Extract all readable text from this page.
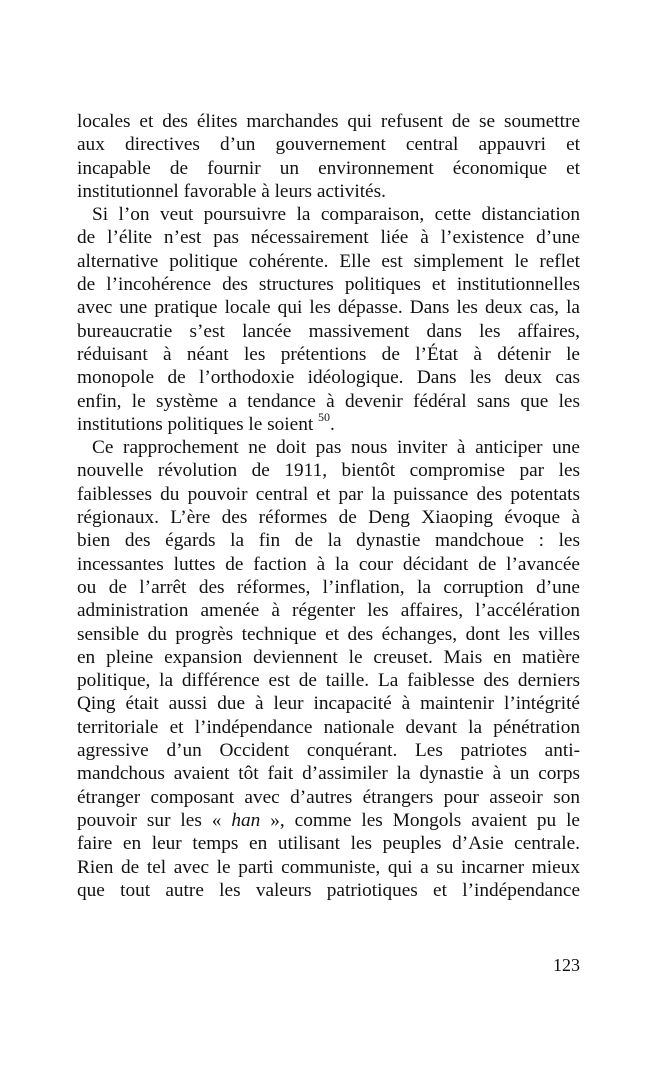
locales et des élites marchandes qui refusent de se soumettre
aux directives d’un gouvernement central appauvri et
incapable de fournir un environnement économique et
institutionnel favorable à leurs activités.
Si l’on veut poursuivre la comparaison, cette distanciation
de l’élite n’est pas nécessairement liée à l’existence d’une
alternative politique cohérente. Elle est simplement le reflet
de l’incohérence des structures politiques et institutionnelles
avec une pratique locale qui les dépasse. Dans les deux cas, la
bureaucratie s’est lancée massivement dans les affaires,
réduisant à néant les prétentions de l’État à détenir le
monopole de l’orthodoxie idéologique. Dans les deux cas
enfin, le système a tendance à devenir fédéral sans que les
institutions politiques le soient $^{50}$.
Ce rapprochement ne doit pas nous inviter à anticiper une
nouvelle révolution de 1911, bientôt compromise par les
faiblesses du pouvoir central et par la puissance des potentats
régionaux. L’ère des réformes de Deng Xiaoping évoque à
bien des égards la fin de la dynastie mandchoue : les
incessantes luttes de faction à la cour décidant de l’avancée
ou de l’arrêt des réformes, l’inflation, la corruption d’une
administration amenée à régenter les affaires, l’accélération
sensible du progrès technique et des échanges, dont les villes
en pleine expansion deviennent le creuset. Mais en matière
politique, la différence est de taille. La faiblesse des derniers
Qing était aussi due à leur incapacité à maintenir l’intégrité
territoriale et l’indépendance nationale devant la pénétration
agressive d’un Occident conquérant. Les patriotes anti-
mandchous avaient tôt fait d’assimiler la dynastie à un corps
étranger composant avec d’autres étrangers pour asseoir son
pouvoir sur les « han », comme les Mongols avaient pu le
faire en leur temps en utilisant les peuples d’Asie centrale.
Rien de tel avec le parti communiste, qui a su incarner mieux
que tout autre les valeurs patriotiques et l’indépendance
123
